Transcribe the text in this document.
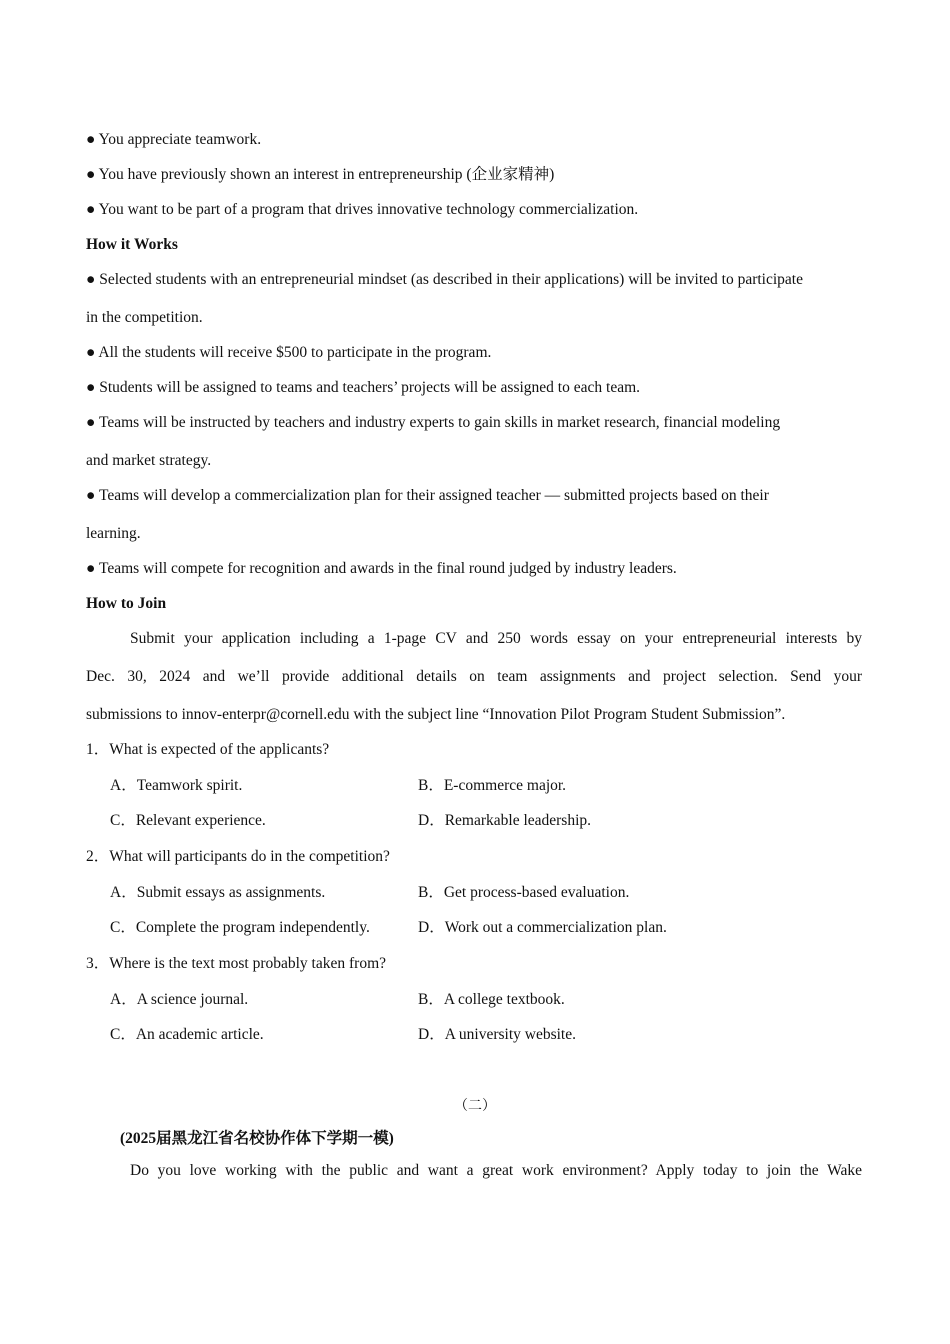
● You appreciate teamwork.
● You have previously shown an interest in entrepreneurship (企业家精神)
● You want to be part of a program that drives innovative technology commercialization.
How it Works
● Selected students with an entrepreneurial mindset (as described in their applications) will be invited to participate
in the competition.
● All the students will receive $500 to participate in the program.
● Students will be assigned to teams and teachers’ projects will be assigned to each team.
● Teams will be instructed by teachers and industry experts to gain skills in market research, financial modeling
and market strategy.
● Teams will develop a commercialization plan for their assigned teacher — submitted projects based on their
learning.
● Teams will compete for recognition and awards in the final round judged by industry leaders.
How to Join
Submit your application including a 1-page CV and 250 words essay on your entrepreneurial interests by
Dec. 30, 2024 and we’ll provide additional details on team assignments and project selection. Send your
submissions to innov-enterpr@cornell.edu with the subject line “Innovation Pilot Program Student Submission”.
1．What is expected of the applicants?
A．Teamwork spirit.	B．E-commerce major.
C．Relevant experience.	D．Remarkable leadership.
2．What will participants do in the competition?
A．Submit essays as assignments.	B．Get process-based evaluation.
C．Complete the program independently.	D．Work out a commercialization plan.
3．Where is the text most probably taken from?
A．A science journal.	B．A college textbook.
C．An academic article.	D．A university website.
（二）
(2025届黑龙江省名校协作体下学期一模)
Do you love working with the public and want a great work environment? Apply today to join the Wake
